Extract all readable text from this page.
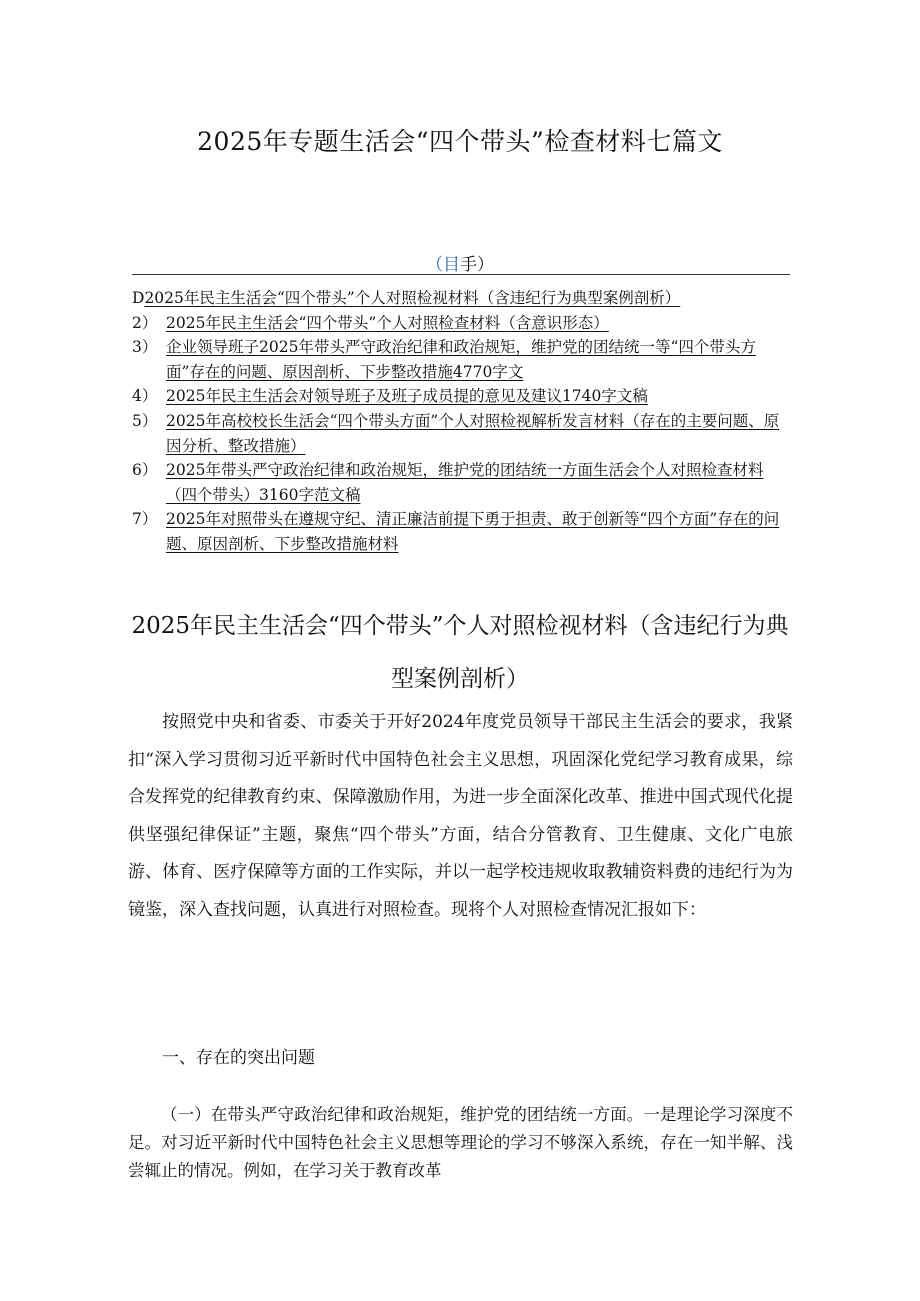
2025年专题生活会“四个带头”检查材料七篇文
（目手）
D 2025年民主生活会“四个带头”个人对照检视材料（含违纪行为典型案例剖析）
2） 2025年民主生活会“四个带头”个人对照检查材料（含意识形态）
3） 企业领导班子2025年带头严守政治纪律和政治规矩，维护党的团结统一等“四个带头方面”存在的问题、原因剖析、下步整改措施4770字文
4） 2025年民主生活会对领导班子及班子成员提的意见及建议1740字文稿
5） 2025年高校校长生活会“四个带头方面”个人对照检视解析发言材料（存在的主要问题、原因分析、整改措施）
6） 2025年带头严守政治纪律和政治规矩，维护党的团结统一方面生活会个人对照检查材料（四个带头）3160字范文稿
7） 2025年对照带头在遵规守纪、清正廉洁前提下勇于担责、敢于创新等“四个方面”存在的问题、原因剖析、下步整改措施材料
2025年民主生活会“四个带头”个人对照检视材料（含违纪行为典型案例剖析）
按照党中央和省委、市委关于开好2024年度党员领导干部民主生活会的要求，我紧扣“深入学习贯彻习近平新时代中国特色社会主义思想，巩固深化党纪学习教育成果，综合发挥党的纪律教育约束、保障激励作用，为进一步全面深化改革、推进中国式现代化提供坚强纪律保证”主题，聚焦“四个带头”方面，结合分管教育、卫生健康、文化广电旅游、体育、医疗保障等方面的工作实际，并以一起学校违规收取教辅资料费的违纪行为为镜鉴，深入查找问题，认真进行对照检查。现将个人对照检查情况汇报如下：
一、存在的突出问题
（一）在带头严守政治纪律和政治规矩，维护党的团结统一方面。一是理论学习深度不足。对习近平新时代中国特色社会主义思想等理论的学习不够深入系统，存在一知半解、浅尝辄止的情况。例如，在学习关于教育改革
